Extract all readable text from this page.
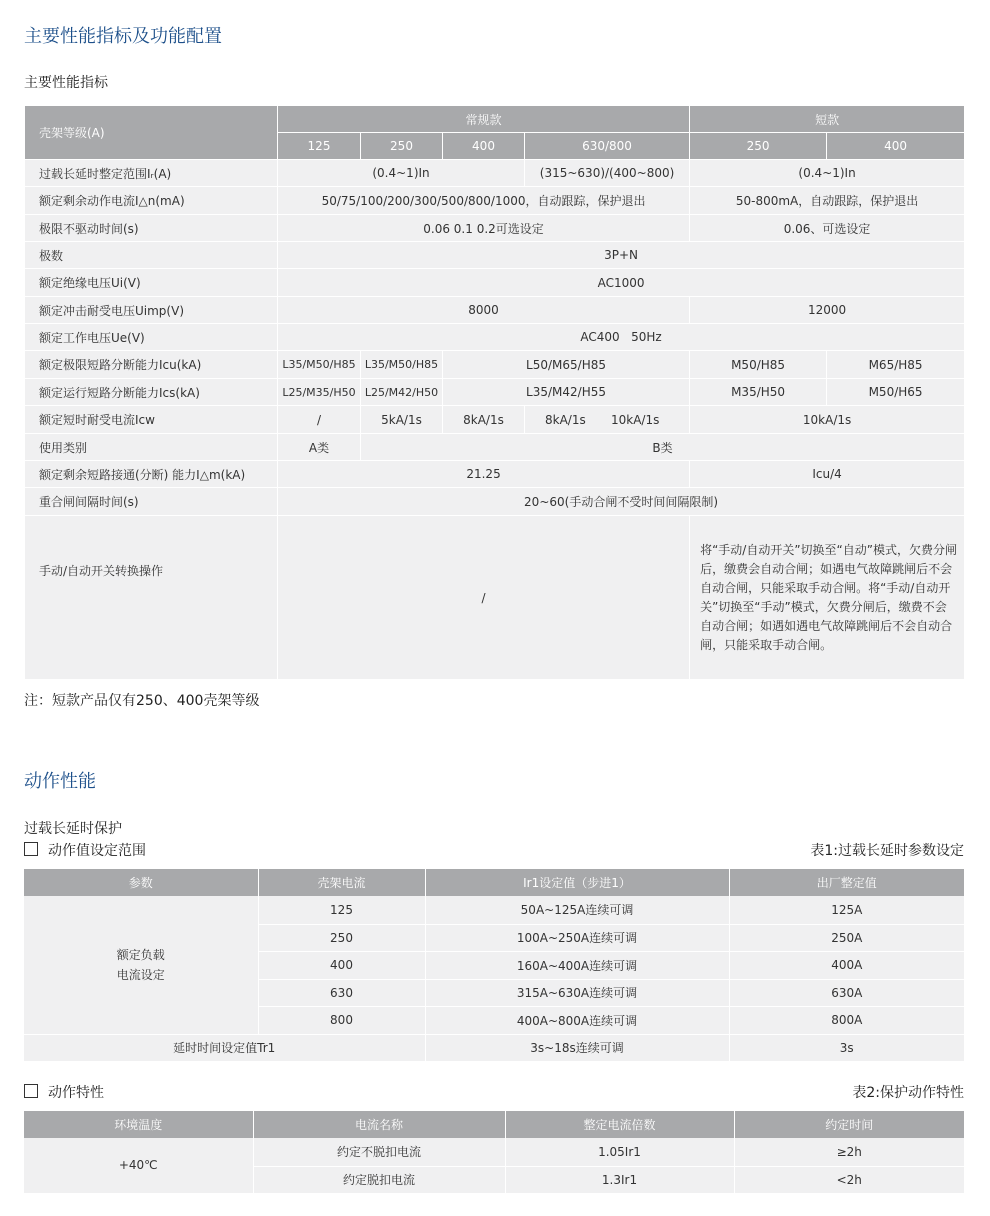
主要性能指标及功能配置
主要性能指标
壳架等级(A)	常规款				短款	
	125	250	400	630/800	250	400
过载长延时整定范围Iᵣ(A)	(0.4~1)In			(315~630)/(400~800)	(0.4~1)In	
额定剩余动作电流I△n(mA)	50/75/100/200/300/500/800/1000，自动跟踪，保护退出				50-800mA，自动跟踪，保护退出	
极限不驱动时间(s)	0.06 0.1 0.2可选设定				0.06、可选设定	
极数	3P+N					
额定绝缘电压Ui(V)	AC1000					
额定冲击耐受电压Uimp(V)	8000				12000	
额定工作电压Ue(V)	AC400   50Hz					
额定极限短路分断能力Icu(kA)	L35/M50/H85	L35/M50/H85	L50/M65/H85		M50/H85	M65/H85
额定运行短路分断能力Ics(kA)	L25/M35/H50	L25/M42/H50	L35/M42/H55		M35/H50	M50/H65
额定短时耐受电流Icw	/	5kA/1s	8kA/1s	8kA/1s 10kA/1s	10kA/1s	
使用类别	A类	B类				
额定剩余短路接通(分断) 能力I△m(kA)	21.25				Icu/4	
重合闸间隔时间(s)	20~60(手动合闸不受时间间隔限制)					
手动/自动开关转换操作	/				将“手动/自动开关”切换至“自动”模式，欠费分闸后，缴费会自动合闸；如遇电气故障跳闸后不会自动合闸，只能采取手动合闸。将“手动/自动开关”切换至“手动”模式，欠费分闸后，缴费不会自动合闸；如遇如遇电气故障跳闸后不会自动合闸，只能采取手动合闸。	
注：短款产品仅有250、400壳架等级
动作性能
过载长延时保护
动作值设定范围	表1:过载长延时参数设定
参数	壳架电流	Ir1设定值（步进1）	出厂整定值
额定负载
电流设定	125	50A~125A连续可调	125A
	250	100A~250A连续可调	250A
	400	160A~400A连续可调	400A
	630	315A~630A连续可调	630A
	800	400A~800A连续可调	800A
延时时间设定值Tr1		3s~18s连续可调	3s
动作特性	表2:保护动作特性
环境温度	电流名称	整定电流倍数	约定时间
+40℃	约定不脱扣电流	1.05Ir1	≥2h
	约定脱扣电流	1.3Ir1	<2h
